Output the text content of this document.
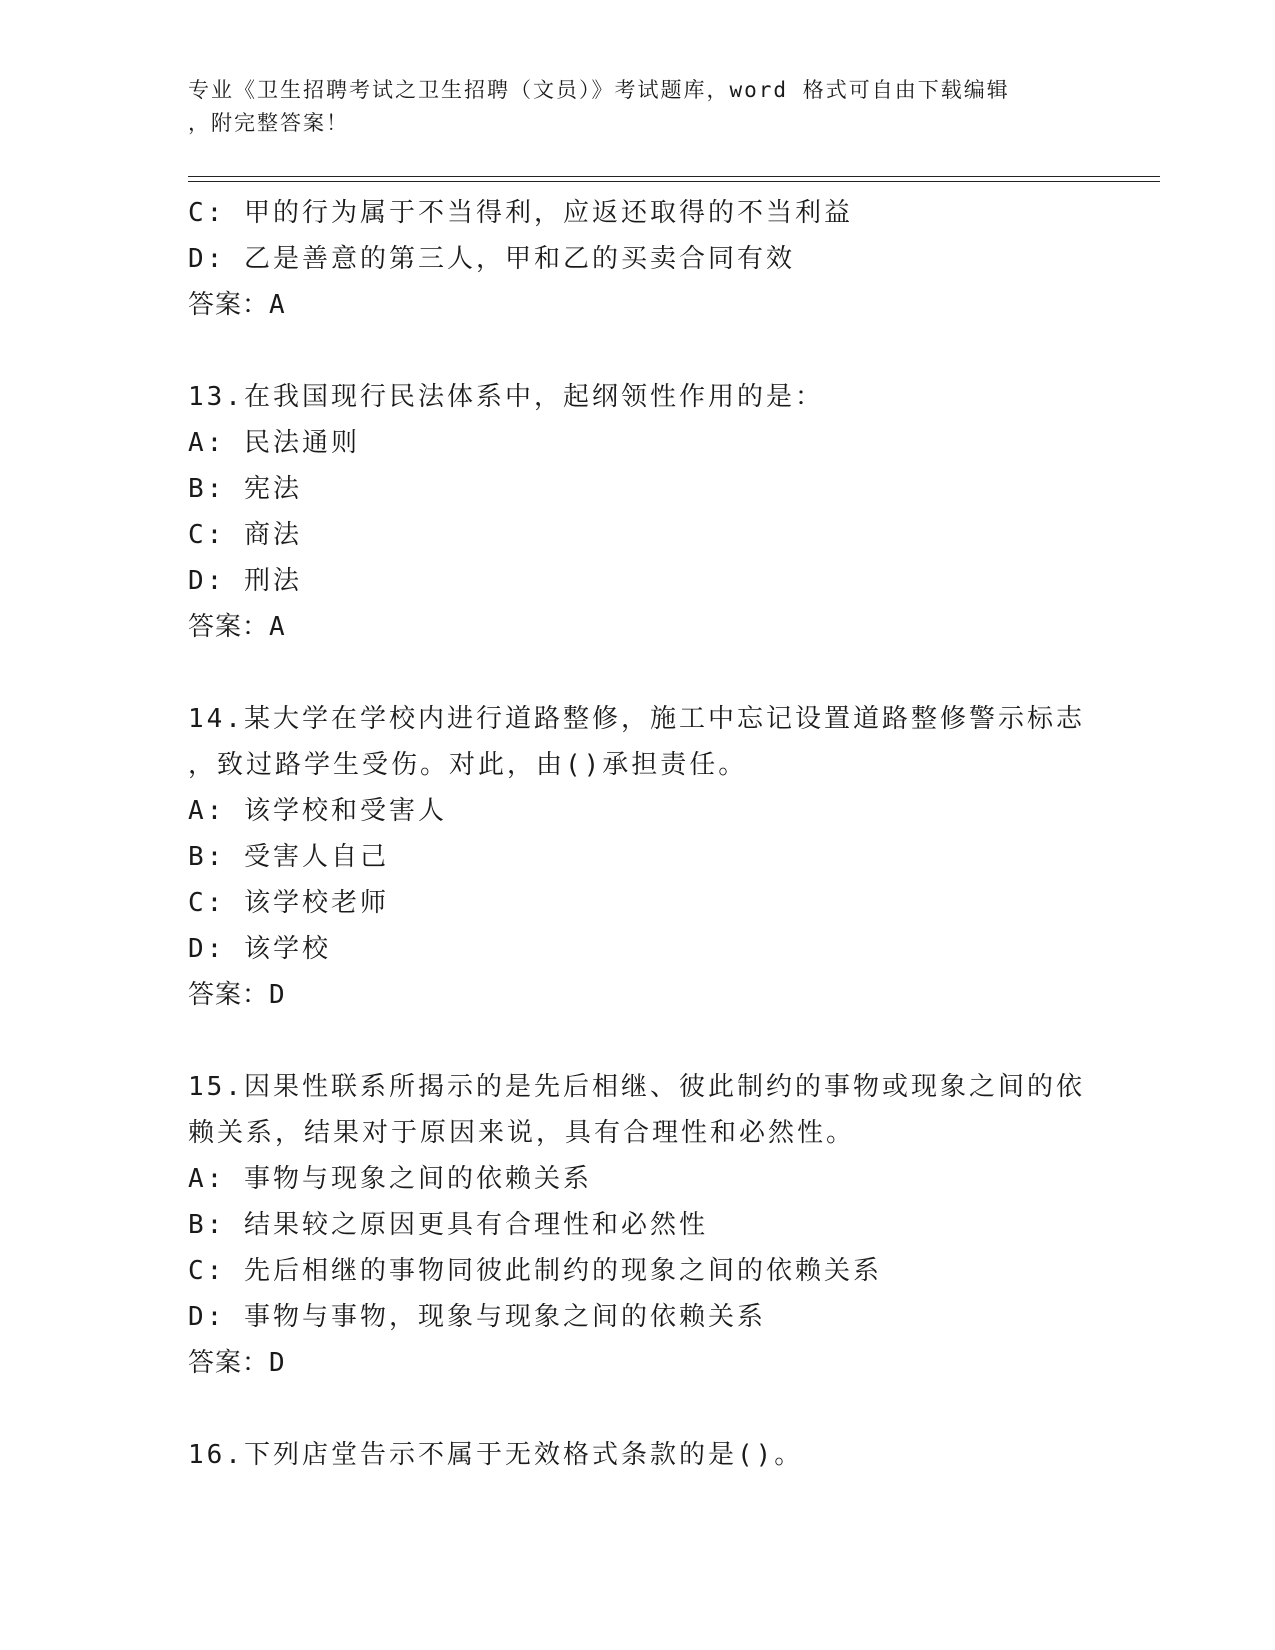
专业《卫生招聘考试之卫生招聘（文员）》考试题库，word 格式可自由下载编辑
，附完整答案！
C: 甲的行为属于不当得利，应返还取得的不当利益
D: 乙是善意的第三人，甲和乙的买卖合同有效
答案：A
13.在我国现行民法体系中，起纲领性作用的是：
A: 民法通则
B: 宪法
C: 商法
D: 刑法
答案：A
14.某大学在学校内进行道路整修，施工中忘记设置道路整修警示标志
，致过路学生受伤。对此，由()承担责任。
A: 该学校和受害人
B: 受害人自己
C: 该学校老师
D: 该学校
答案：D
15.因果性联系所揭示的是先后相继、彼此制约的事物或现象之间的依
赖关系，结果对于原因来说，具有合理性和必然性。
A: 事物与现象之间的依赖关系
B: 结果较之原因更具有合理性和必然性
C: 先后相继的事物同彼此制约的现象之间的依赖关系
D: 事物与事物，现象与现象之间的依赖关系
答案：D
16.下列店堂告示不属于无效格式条款的是()。
